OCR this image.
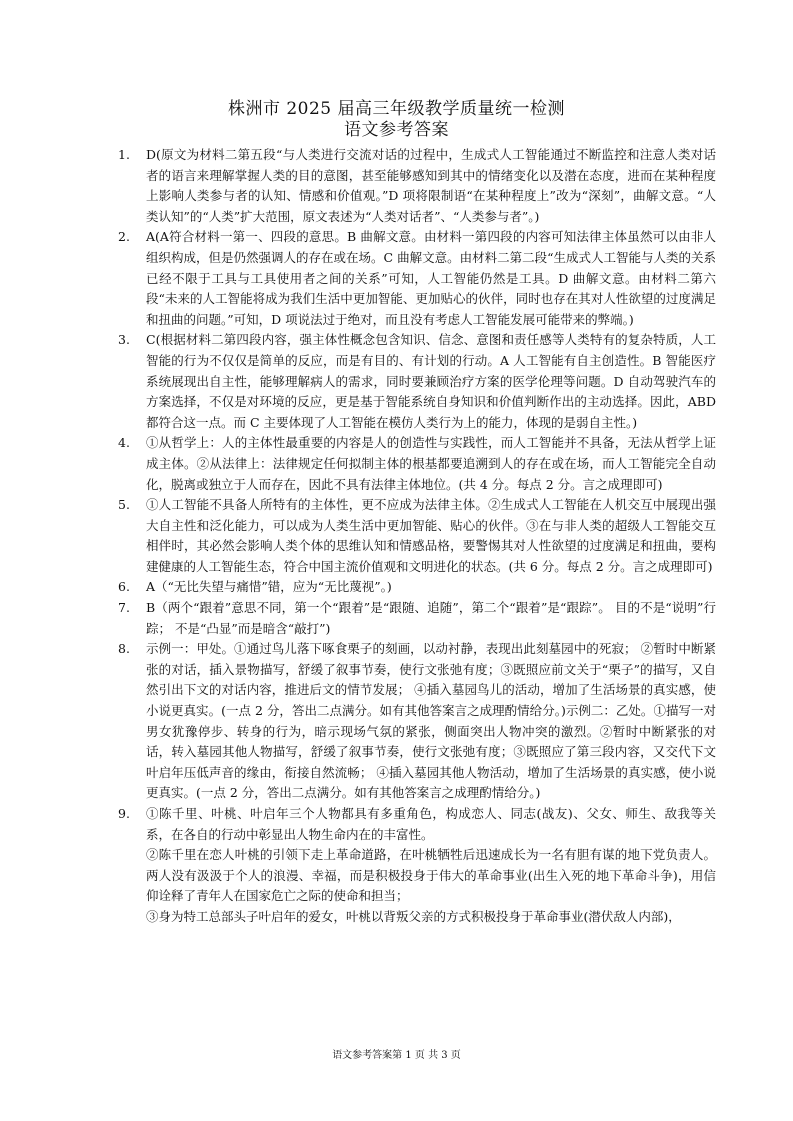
株洲市 2025 届高三年级教学质量统一检测
语文参考答案
1. D(原文为材料二第五段“与人类进行交流对话的过程中，生成式人工智能通过不断监控和注意人类对话者的语言来理解掌握人类的目的意图，甚至能够感知到其中的情绪变化以及潜在态度，进而在某种程度上影响人类参与者的认知、情感和价值观。”D 项将限制语“在某种程度上”改为“深刻”，曲解文意。“人类认知”的“人类”扩大范围，原文表述为“人类对话者”、“人类参与者”。)
2. A(A符合材料一第一、四段的意思。B 曲解文意。由材料一第四段的内容可知法律主体虽然可以由非人组织构成，但是仍然强调人的存在或在场。C 曲解文意。由材料二第二段“生成式人工智能与人类的关系已经不限于工具与工具使用者之间的关系”可知，人工智能仍然是工具。D 曲解文意。由材料二第六段“未来的人工智能将成为我们生活中更加智能、更加贴心的伙伴，同时也存在其对人性欲望的过度满足和扭曲的问题。”可知，D 项说法过于绝对，而且没有考虑人工智能发展可能带来的弊端。)
3. C(根据材料二第四段内容，强主体性概念包含知识、信念、意图和责任感等人类特有的复杂特质，人工智能的行为不仅仅是简单的反应，而是有目的、有计划的行动。A 人工智能有自主创造性。B 智能医疗系统展现出自主性，能够理解病人的需求，同时要兼顾治疗方案的医学伦理等问题。D 自动驾驶汽车的方案选择，不仅是对环境的反应，更是基于智能系统自身知识和价值判断作出的主动选择。因此，ABD 都符合这一点。而 C 主要体现了人工智能在模仿人类行为上的能力，体现的是弱自主性。)
4. ①从哲学上：人的主体性最重要的内容是人的创造性与实践性，而人工智能并不具备，无法从哲学上证成主体。②从法律上：法律规定任何拟制主体的根基都要追溯到人的存在或在场，而人工智能完全自动化，脱离或独立于人而存在，因此不具有法律主体地位。(共 4 分。每点 2 分。言之成理即可)
5. ①人工智能不具备人所特有的主体性，更不应成为法律主体。②生成式人工智能在人机交互中展现出强大自主性和泛化能力，可以成为人类生活中更加智能、贴心的伙伴。③在与非人类的超级人工智能交互相伴时，其必然会影响人类个体的思维认知和情感品格，要警惕其对人性欲望的过度满足和扭曲，要构建健康的人工智能生态，符合中国主流价值观和文明进化的状态。(共 6 分。每点 2 分。言之成理即可)
6. A（“无比失望与痛惜”错，应为“无比蔑视”。)
7. B（两个“跟着”意思不同，第一个“跟着”是“跟随、追随”，第二个“跟着”是“跟踪”。 目的不是“说明”行踪； 不是“凸显”而是暗含“敲打”)
8. 示例一：甲处。①通过鸟儿落下啄食栗子的刻画，以动衬静，表现出此刻墓园中的死寂； ②暂时中断紧张的对话，插入景物描写，舒缓了叙事节奏，使行文张弛有度；③既照应前文关于“栗子”的描写，又自然引出下文的对话内容，推进后文的情节发展； ④插入墓园鸟儿的活动，增加了生活场景的真实感，使小说更真实。(一点 2 分，答出二点满分。如有其他答案言之成理酌情给分。)示例二：乙处。①描写一对男女犹豫停步、转身的行为，暗示现场气氛的紧张，侧面突出人物冲突的激烈。②暂时中断紧张的对话，转入墓园其他人物描写，舒缓了叙事节奏，使行文张弛有度；③既照应了第三段内容，又交代下文叶启年压低声音的缘由，衔接自然流畅； ④插入墓园其他人物活动，增加了生活场景的真实感，使小说更真实。(一点 2 分，答出二点满分。如有其他答案言之成理酌情给分。)
9. ①陈千里、叶桃、叶启年三个人物都具有多重角色，构成恋人、同志(战友)、父女、师生、敌我等关系，在各自的行动中彰显出人物生命内在的丰富性。
②陈千里在恋人叶桃的引领下走上革命道路，在叶桃牺牲后迅速成长为一名有胆有谋的地下党负责人。两人没有汲汲于个人的浪漫、幸福，而是积极投身于伟大的革命事业(出生入死的地下革命斗争)，用信仰诠释了青年人在国家危亡之际的使命和担当；
③身为特工总部头子叶启年的爱女，叶桃以背叛父亲的方式积极投身于革命事业(潜伏敌人内部)，
语文参考答案第 1 页 共 3 页
